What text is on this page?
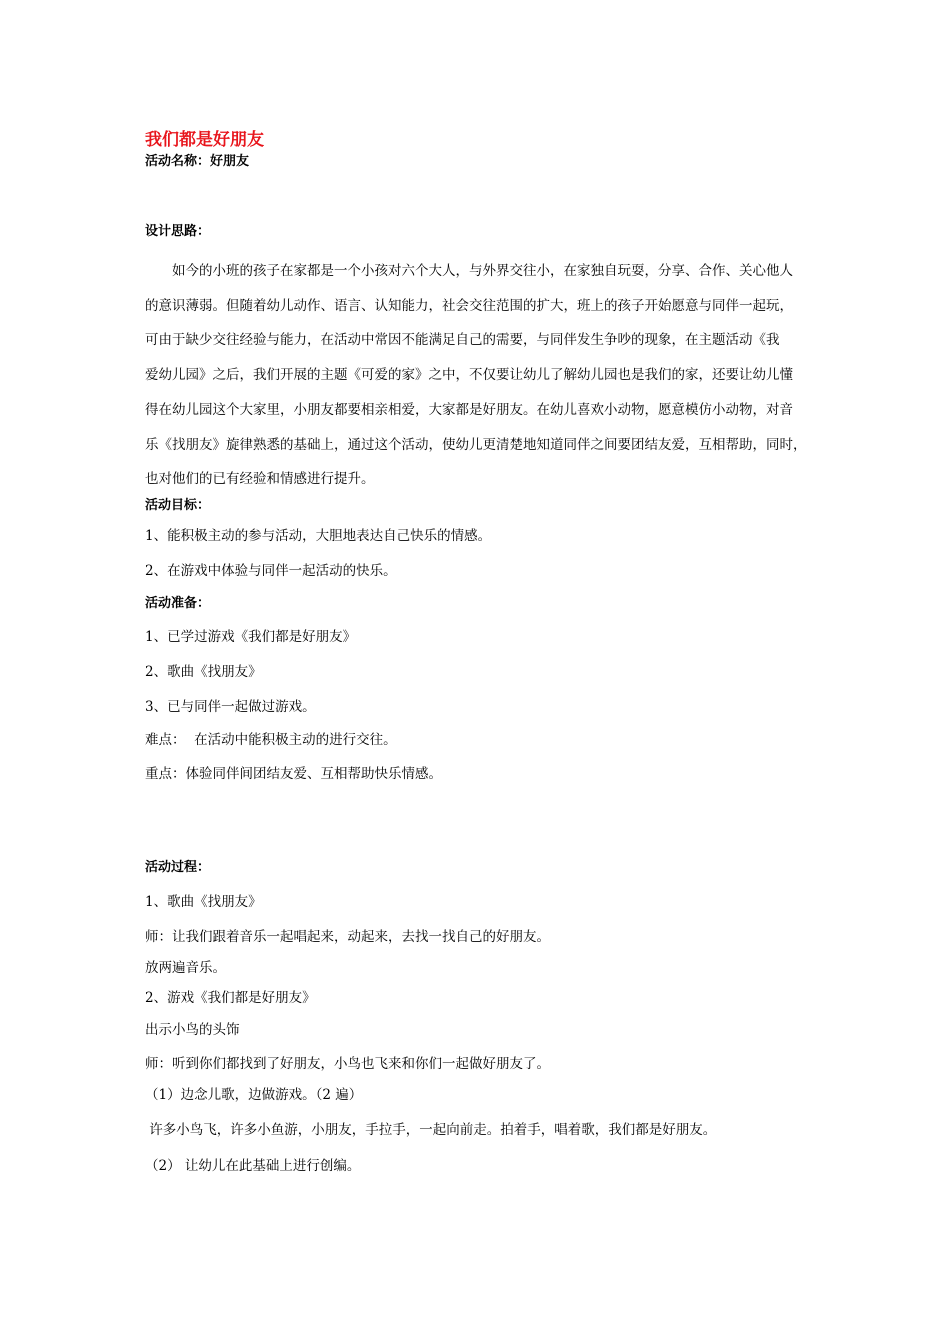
我们都是好朋友
活动名称：好朋友
设计思路：
如今的小班的孩子在家都是一个小孩对六个大人，与外界交往小，在家独自玩耍，分享、合作、关心他人
的意识薄弱。但随着幼儿动作、语言、认知能力，社会交往范围的扩大，班上的孩子开始愿意与同伴一起玩，
可由于缺少交往经验与能力，在活动中常因不能满足自己的需要，与同伴发生争吵的现象，在主题活动《我
爱幼儿园》之后，我们开展的主题《可爱的家》之中，不仅要让幼儿了解幼儿园也是我们的家，还要让幼儿懂
得在幼儿园这个大家里，小朋友都要相亲相爱，大家都是好朋友。在幼儿喜欢小动物，愿意模仿小动物，对音
乐《找朋友》旋律熟悉的基础上，通过这个活动，使幼儿更清楚地知道同伴之间要团结友爱，互相帮助，同时，
也对他们的已有经验和情感进行提升。
活动目标：
1、能积极主动的参与活动，大胆地表达自己快乐的情感。
2、在游戏中体验与同伴一起活动的快乐。
活动准备：
1、已学过游戏《我们都是好朋友》
2、歌曲《找朋友》
3、已与同伴一起做过游戏。
难点：  在活动中能积极主动的进行交往。
重点：体验同伴间团结友爱、互相帮助快乐情感。
活动过程：
1、歌曲《找朋友》
师：让我们跟着音乐一起唱起来，动起来，去找一找自己的好朋友。
放两遍音乐。
2、游戏《我们都是好朋友》
出示小鸟的头饰
师：听到你们都找到了好朋友，小鸟也飞来和你们一起做好朋友了。
（1）边念儿歌，边做游戏。（2 遍）
许多小鸟飞，许多小鱼游，小朋友，手拉手，一起向前走。拍着手，唱着歌，我们都是好朋友。
（2） 让幼儿在此基础上进行创编。
